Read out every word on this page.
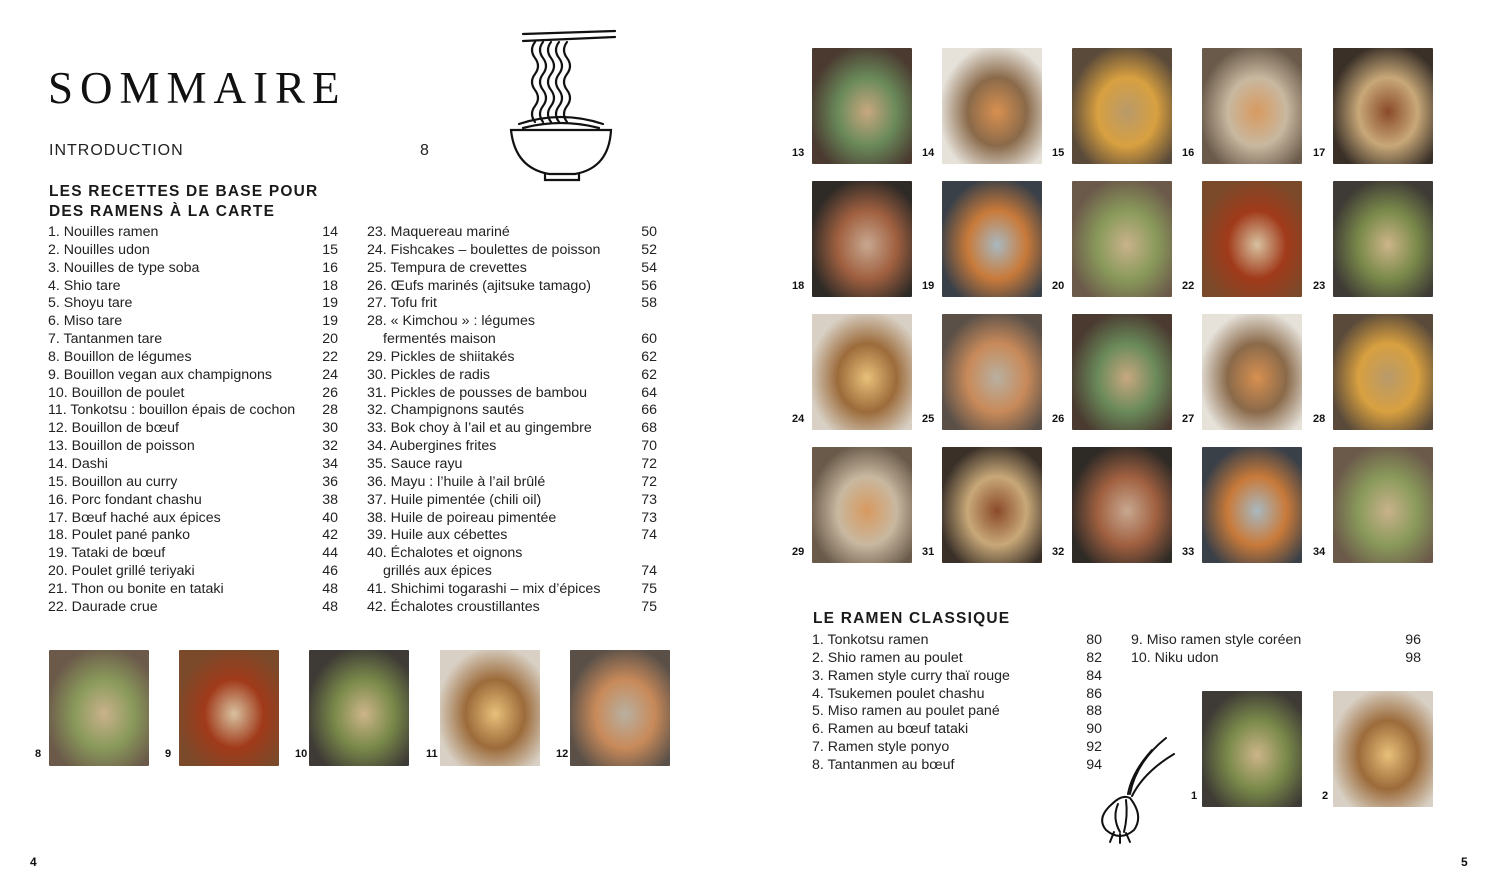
SOMMAIRE
INTRODUCTION	8
LES RECETTES DE BASE POUR DES RAMENS À LA CARTE
1. Nouilles ramen	14
2. Nouilles udon	15
3. Nouilles de type soba	16
4. Shio tare	18
5. Shoyu tare	19
6. Miso tare	19
7. Tantanmen tare	20
8. Bouillon de légumes	22
9. Bouillon vegan aux champignons	24
10. Bouillon de poulet	26
11. Tonkotsu : bouillon épais de cochon 28
12. Bouillon de bœuf	30
13. Bouillon de poisson	32
14. Dashi	34
15. Bouillon au curry	36
16. Porc fondant chashu	38
17. Bœuf haché aux épices	40
18. Poulet pané panko	42
19. Tataki de bœuf	44
20. Poulet grillé teriyaki	46
21. Thon ou bonite en tataki	48
22. Daurade crue	48
23. Maquereau mariné	50
24. Fishcakes – boulettes de poisson	52
25. Tempura de crevettes	54
26. Œufs marinés (ajitsuke tamago)	56
27. Tofu frit	58
28. « Kimchou » : légumes
fermentés maison	60
29. Pickles de shiitakés	62
30. Pickles de radis	62
31. Pickles de pousses de bambou	64
32. Champignons sautés	66
33. Bok choy à l’ail et au gingembre	68
34. Aubergines frites	70
35. Sauce rayu	72
36. Mayu : l’huile à l’ail brûlé	72
37. Huile pimentée (chili oil)	73
38. Huile de poireau pimentée	73
39. Huile aux cébettes	74
40. Échalotes et oignons
grillés aux épices	74
41. Shichimi togarashi – mix d’épices	75
42. Échalotes croustillantes	75
8	9	10	11	12
4
13	14	15	16	17
18	19	20	22	23
24	25	26	27	28
29	31	32	33	34
1	2
LE RAMEN CLASSIQUE
1. Tonkotsu ramen	80
2. Shio ramen au poulet	82
3. Ramen style curry thaï rouge	84
4. Tsukemen poulet chashu	86
5. Miso ramen au poulet pané	88
6. Ramen au bœuf tataki	90
7. Ramen style ponyo	92
8. Tantanmen au bœuf	94
9. Miso ramen style coréen	96
10. Niku udon	98
5
